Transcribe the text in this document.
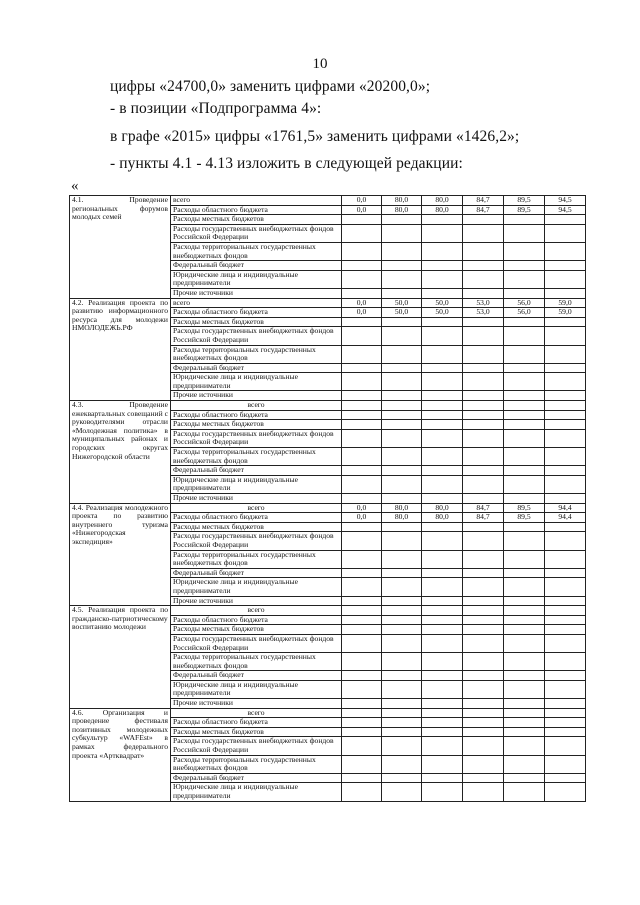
10
цифры «24700,0» заменить цифрами «20200,0»;
- в позиции «Подпрограмма 4»:
в графе «2015» цифры «1761,5» заменить цифрами «1426,2»;
- пункты 4.1 - 4.13 изложить в следующей редакции:
«
4.1. Проведение региональных форумов молодых семей	всего	0,0	80,0	80,0	84,7	89,5	94,5
	Расходы областного бюджета	0,0	80,0	80,0	84,7	89,5	94,5
	Расходы местных бюджетов						
	Расходы государственных внебюджетных фондов Российской Федерации						
	Расходы территориальных государственных внебюджетных фондов						
	Федеральный бюджет						
	Юридические лица и индивидуальные предприниматели						
	Прочие источники						
4.2. Реализация проекта по развитию информационного ресурса для молодежи НМОЛОДЕЖЬ.РФ	всего	0,0	50,0	50,0	53,0	56,0	59,0
	Расходы областного бюджета	0,0	50,0	50,0	53,0	56,0	59,0
	Расходы местных бюджетов						
	Расходы государственных внебюджетных фондов Российской Федерации						
	Расходы территориальных государственных внебюджетных фондов						
	Федеральный бюджет						
	Юридические лица и индивидуальные предприниматели						
	Прочие источники						
4.3. Проведение ежеквартальных совещаний с руководителями отрасли «Молодежная политика» в муниципальных районах и городских округах Нижегородской области	всего						
	Расходы областного бюджета						
	Расходы местных бюджетов						
	Расходы государственных внебюджетных фондов Российской Федерации						
	Расходы территориальных государственных внебюджетных фондов						
	Федеральный бюджет						
	Юридические лица и индивидуальные предприниматели						
	Прочие источники						
4.4. Реализация молодежного проекта по развитию внутреннего туризма «Нижегородская экспедиция»	всего	0,0	80,0	80,0	84,7	89,5	94,4
	Расходы областного бюджета	0,0	80,0	80,0	84,7	89,5	94,4
	Расходы местных бюджетов						
	Расходы государственных внебюджетных фондов Российской Федерации						
	Расходы территориальных государственных внебюджетных фондов						
	Федеральный бюджет						
	Юридические лица и индивидуальные предприниматели						
	Прочие источники						
4.5. Реализация проекта по гражданско-патриотическому воспитанию молодежи	всего						
	Расходы областного бюджета						
	Расходы местных бюджетов						
	Расходы государственных внебюджетных фондов Российской Федерации						
	Расходы территориальных государственных внебюджетных фондов						
	Федеральный бюджет						
	Юридические лица и индивидуальные предприниматели						
	Прочие источники						
4.6. Организация и проведение фестиваля позитивных молодежных субкультур «WAFEst» в рамках федерального проекта «Артквадрат»	всего						
	Расходы областного бюджета						
	Расходы местных бюджетов						
	Расходы государственных внебюджетных фондов Российской Федерации						
	Расходы территориальных государственных внебюджетных фондов						
	Федеральный бюджет						
	Юридические лица и индивидуальные предприниматели						
